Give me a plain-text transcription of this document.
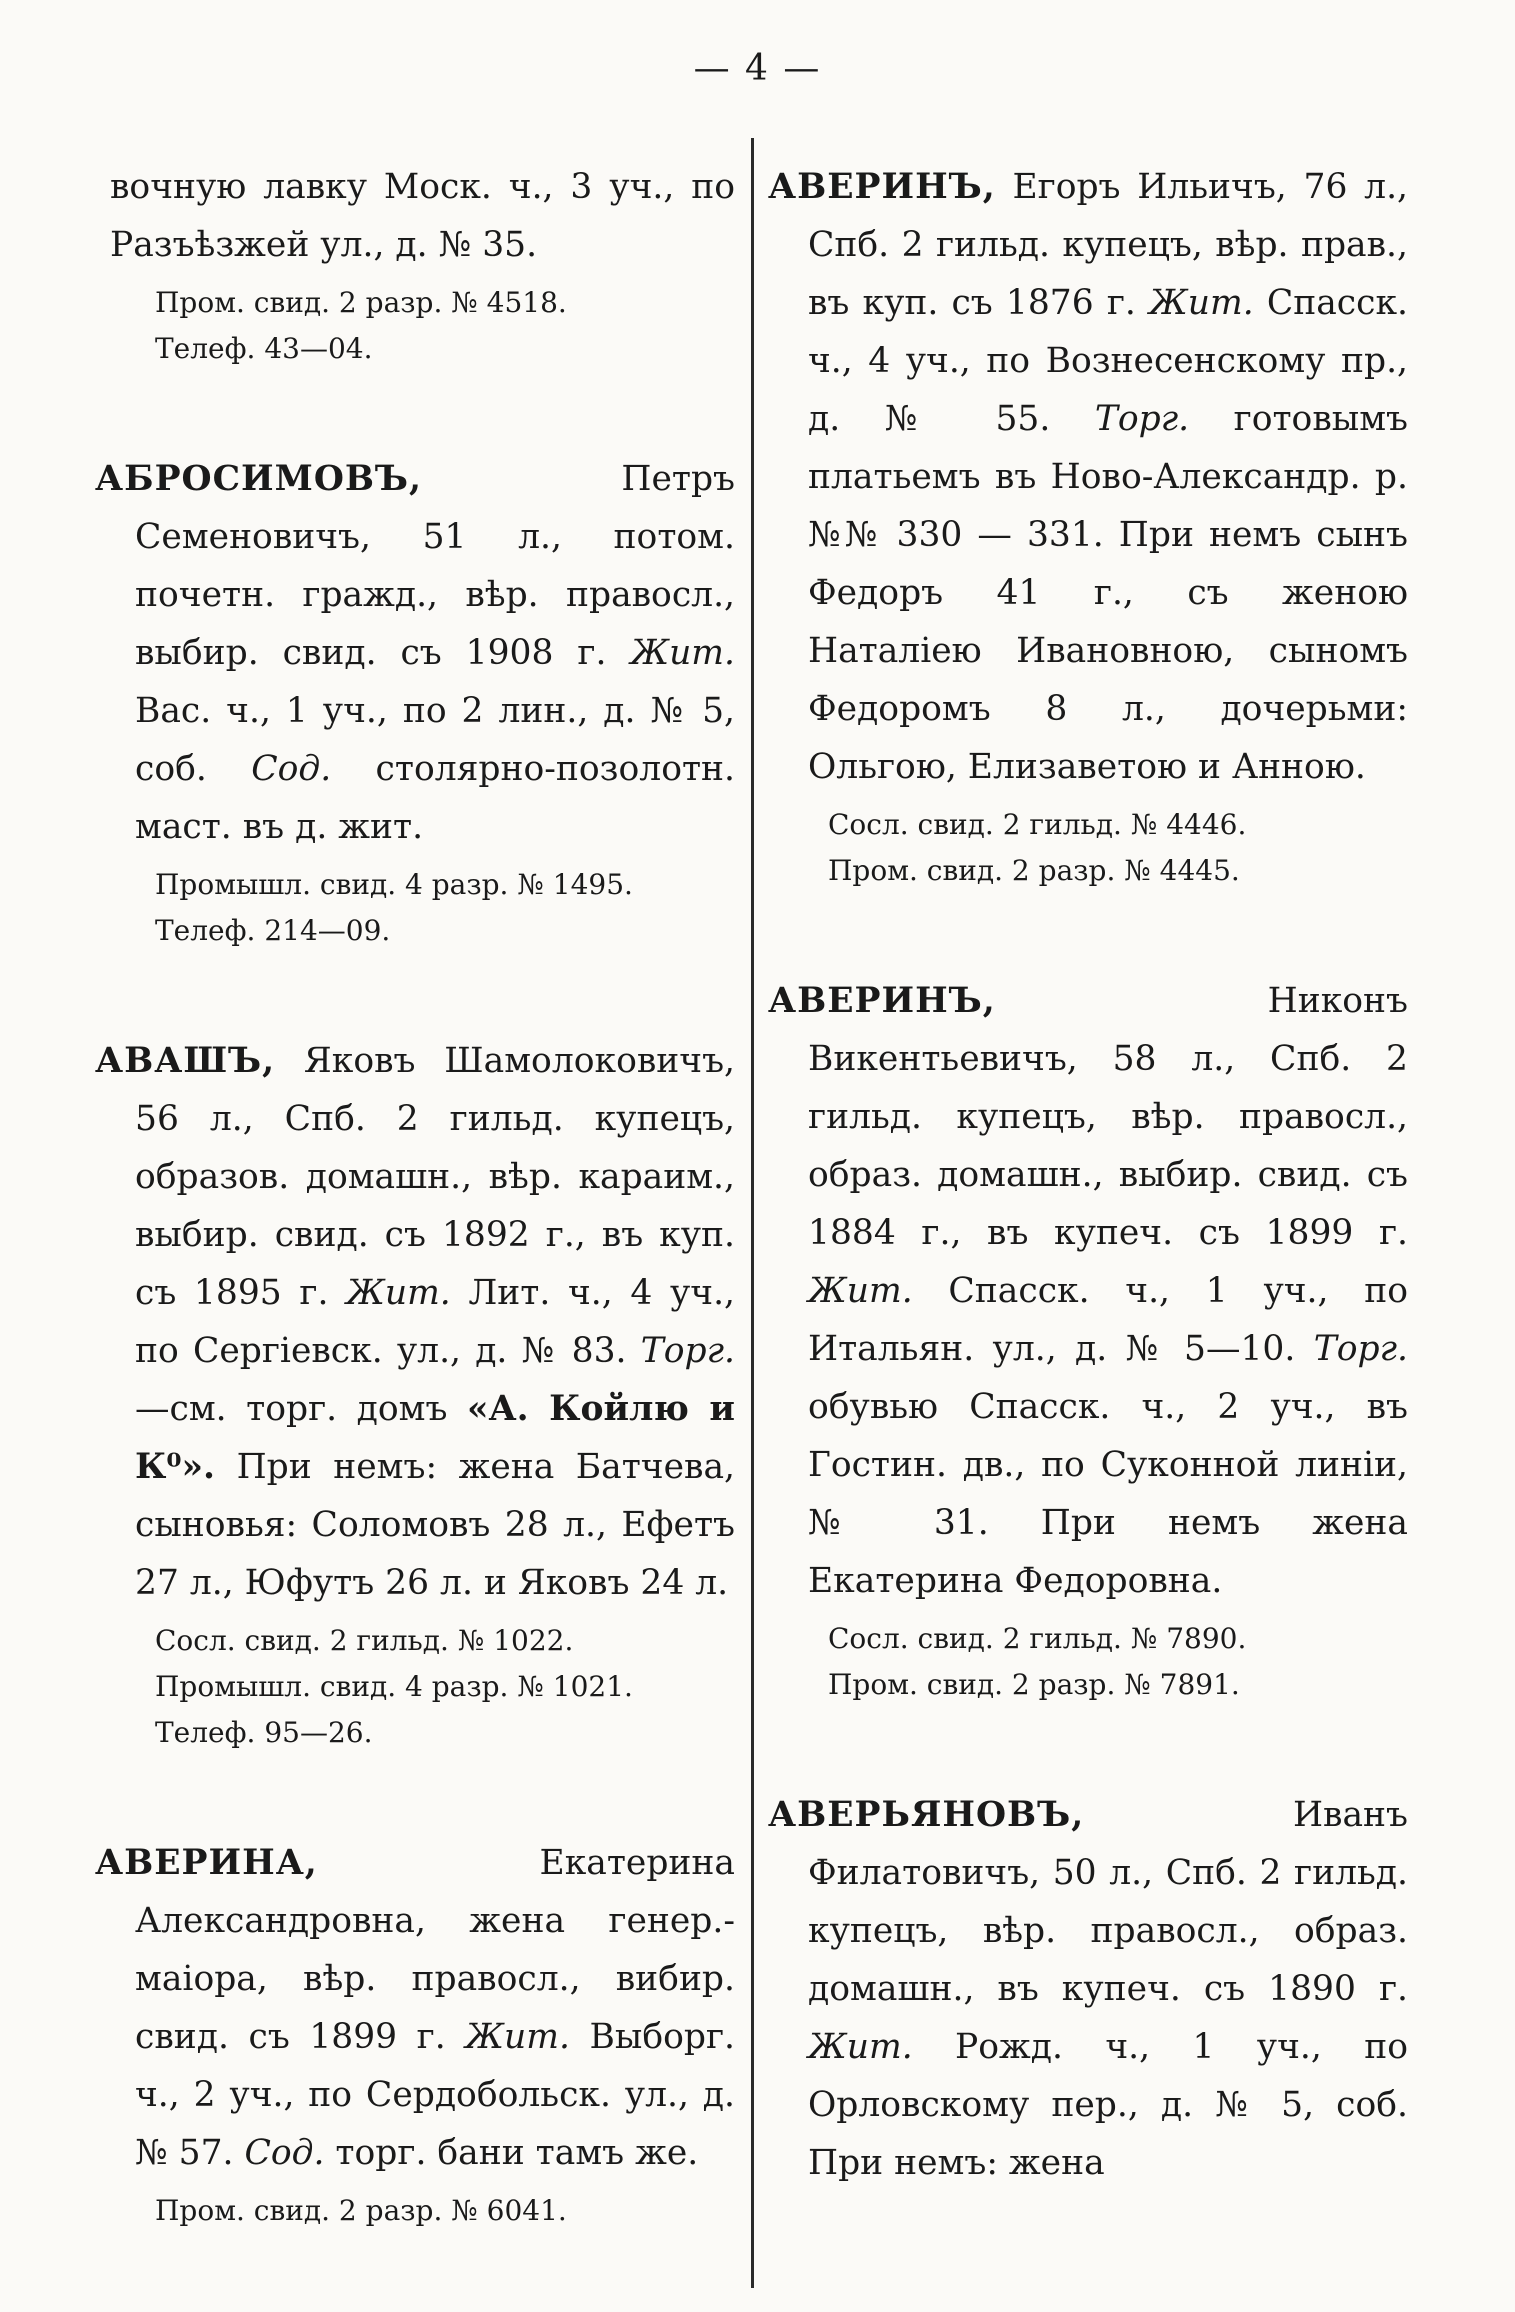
— 4 —
вочную лавку Моск. ч., 3 уч., по Разъѣзжей ул., д. № 35.
Пром. свид. 2 разр. № 4518.
Телеф. 43—04.
АБРОСИМОВЪ, Петръ Семеновичъ, 51 л., потом. почетн. гражд., вѣр. правосл., выбир. свид. съ 1908 г. Жит. Вас. ч., 1 уч., по 2 лин., д. № 5, соб. Сод. столярно-позолотн. маст. въ д. жит.
Промышл. свид. 4 разр. № 1495.
Телеф. 214—09.
АВАШЪ, Яковъ Шамолоковичъ, 56 л., Спб. 2 гильд. купецъ, образов. домашн., вѣр. караим., выбир. свид. съ 1892 г., въ куп. съ 1895 г. Жит. Лит. ч., 4 уч., по Сергіевск. ул., д. № 83. Торг.—см. торг. домъ «А. Койлю и К⁰». При немъ: жена Батчева, сыновья: Соломовъ 28 л., Ефетъ 27 л., Юфутъ 26 л. и Яковъ 24 л.
Сосл. свид. 2 гильд. № 1022.
Промышл. свид. 4 разр. № 1021.
Телеф. 95—26.
АВЕРИНА, Екатерина Александровна, жена генер.-маіора, вѣр. правосл., вибир. свид. съ 1899 г. Жит. Выборг. ч., 2 уч., по Сердобольск. ул., д. № 57. Сод. торг. бани тамъ же.
Пром. свид. 2 разр. № 6041.
АВЕРИНЪ, Егоръ Ильичъ, 76 л., Спб. 2 гильд. купецъ, вѣр. прав., въ куп. съ 1876 г. Жит. Спасск. ч., 4 уч., по Вознесенскому пр., д. № 55. Торг. готовымъ платьемъ въ Ново-Александр. р. №№ 330 — 331. При немъ сынъ Федоръ 41 г., съ женою Наталіею Ивановною, сыномъ Федоромъ 8 л., дочерьми: Ольгою, Елизаветою и Анною.
Сосл. свид. 2 гильд. № 4446.
Пром. свид. 2 разр. № 4445.
АВЕРИНЪ, Никонъ Викентьевичъ, 58 л., Спб. 2 гильд. купецъ, вѣр. правосл., образ. домашн., выбир. свид. съ 1884 г., въ купеч. съ 1899 г. Жит. Спасск. ч., 1 уч., по Итальян. ул., д. № 5—10. Торг. обувью Спасск. ч., 2 уч., въ Гостин. дв., по Суконной линіи, № 31. При немъ жена Екатерина Федоровна.
Сосл. свид. 2 гильд. № 7890.
Пром. свид. 2 разр. № 7891.
АВЕРЬЯНОВЪ, Иванъ Филатовичъ, 50 л., Спб. 2 гильд. купецъ, вѣр. правосл., образ. домашн., въ купеч. съ 1890 г. Жит. Рожд. ч., 1 уч., по Орловскому пер., д. № 5, соб. При немъ: жена
